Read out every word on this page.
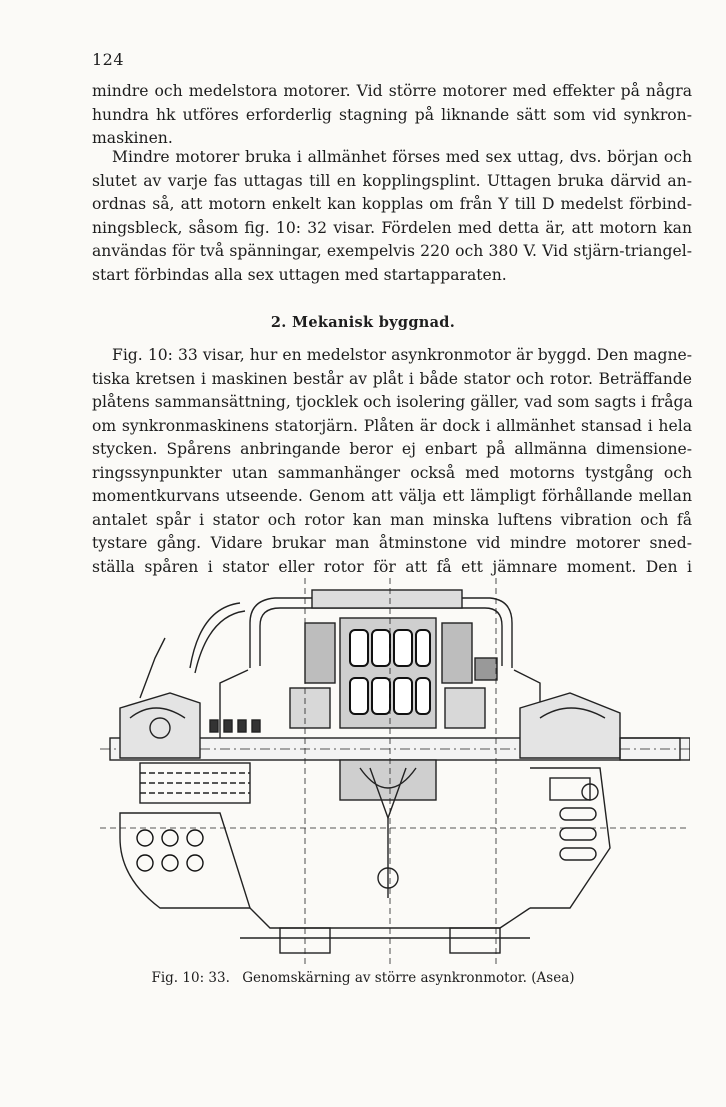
124
mindre och medelstora motorer. Vid större motorer med effekter på några
hundra hk utföres erforderlig stagning på liknande sätt som vid synkron-
maskinen.
Mindre motorer bruka i allmänhet förses med sex uttag, dvs. början och
slutet av varje fas uttagas till en kopplingsplint. Uttagen bruka därvid an-
ordnas så, att motorn enkelt kan kopplas om från Y till D medelst förbind-
ningsbleck, såsom fig. 10: 32 visar. Fördelen med detta är, att motorn kan
användas för två spänningar, exempelvis 220 och 380 V. Vid stjärn-triangel-
start förbindas alla sex uttagen med startapparaten.
2. Mekanisk byggnad.
Fig. 10: 33 visar, hur en medelstor asynkronmotor är byggd. Den magne-
tiska kretsen i maskinen består av plåt i både stator och rotor. Beträffande
plåtens sammansättning, tjocklek och isolering gäller, vad som sagts i fråga
om synkronmaskinens statorjärn. Plåten är dock i allmänhet stansad i hela
stycken. Spårens anbringande beror ej enbart på allmänna dimensione-
ringssynpunkter utan sammanhänger också med motorns tystgång och
momentkurvans utseende. Genom att välja ett lämpligt förhållande mellan
antalet spår i stator och rotor kan man minska luftens vibration och få
tystare gång. Vidare brukar man åtminstone vid mindre motorer sned-
ställa spåren i stator eller rotor för att få ett jämnare moment. Den i
Fig. 10: 33. Genomskärning av större asynkronmotor. (Asea)
